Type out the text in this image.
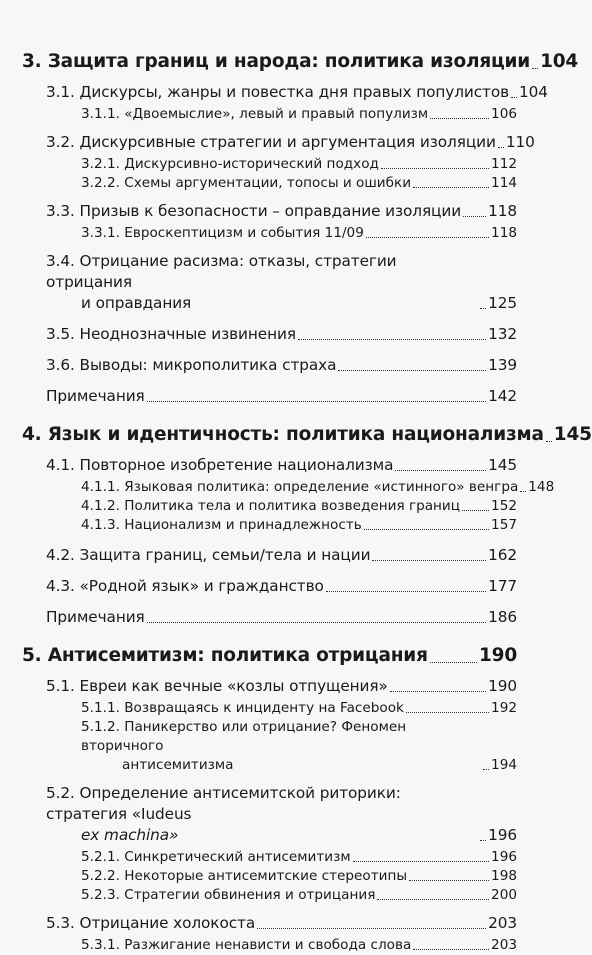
3. Защита границ и народа: политика изоляции 104
3.1. Дискурсы, жанры и повестка дня правых популистов 104
3.1.1. «Двоемыслие», левый и правый популизм	106
3.2. Дискурсивные стратегии и аргументация изоляции 110
3.2.1. Дискурсивно-исторический подход	112
3.2.2. Схемы аргументации, топосы и ошибки	114
3.3. Призыв к безопасности – оправдание изоляции 118
3.3.1. Евроскептицизм и события 11/09	118
3.4. Отрицание расизма: отказы, стратегии отрицания
и оправдания	125
3.5. Неоднозначные извинения	132
3.6. Выводы: микрополитика страха	139
Примечания	142
4. Язык и идентичность: политика национализма 145
4.1. Повторное изобретение национализма	145
4.1.1. Языковая политика: определение «истинного» венгра 148
4.1.2. Политика тела и политика возведения границ 152
4.1.3. Национализм и принадлежность	157
4.2. Защита границ, семьи/тела и нации	162
4.3. «Родной язык» и гражданство	177
Примечания	186
5. Антисемитизм: политика отрицания	190
5.1. Евреи как вечные «козлы отпущения»	190
5.1.1. Возвращаясь к инциденту на Facebook	192
5.1.2. Паникерство или отрицание? Феномен вторичного
антисемитизма	194
5.2. Определение антисемитской риторики: стратегия «Iudeus
ex machina»	196
5.2.1. Синкретический антисемитизм	196
5.2.2. Некоторые антисемитские стереотипы	198
5.2.3. Стратегии обвинения и отрицания	200
5.3. Отрицание холокоста	203
5.3.1. Разжигание ненависти и свобода слова	203
